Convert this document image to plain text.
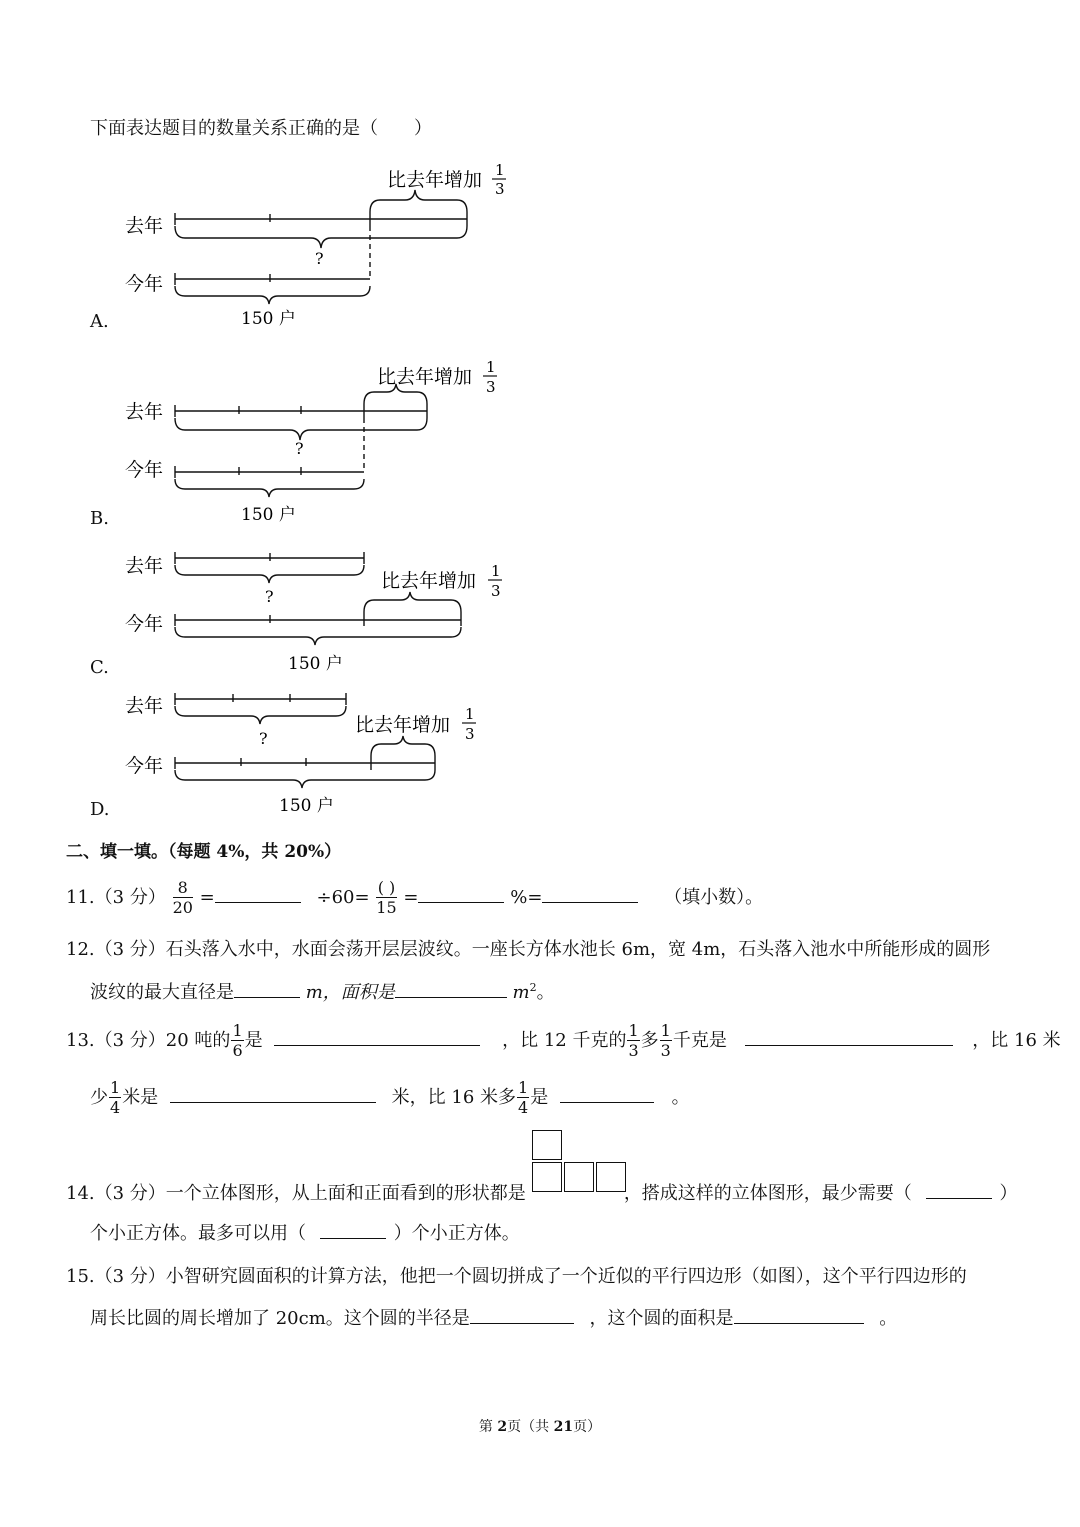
下面表达题目的数量关系正确的是（　　）
去年
今年
?
150 户
比去年增加 1
3
A.
去年
今年
?
150 户
比去年增加 1
3
B.
去年
今年
?
150 户
比去年增加 1
3
C.
去年
今年
?
150 户
比去年增加 1
3
D.
二、填一填。（每题 4%，共 20%）
11.（3 分） $\frac{8}{20}$ =	$\div 60= \frac{( )}{15}$ =	%=	（填小数）。
12.（3 分）石头落入水中，水面会荡开层层波纹。一座长方体水池长 6m，宽 4m，石头落入池水中所能形成的圆形
波纹的最大直径是	m，面积是	$m^2$。
13.（3 分）20 吨的 $\frac{1}{6}$ 是	，比 12 千克的 $\frac{1}{3}$ 多 $\frac{1}{3}$ 千克是	，比 16 米
少 $\frac{1}{4}$ 米是	米，比 16 米多 $\frac{1}{4}$ 是	。
14.（3 分）一个立体图形，从上面和正面看到的形状都是	，搭成这样的立体图形，最少需要（	）
个小正方体。最多可以用（	）个小正方体。
15.（3 分）小智研究圆面积的计算方法，他把一个圆切拼成了一个近似的平行四边形（如图），这个平行四边形的
周长比圆的周长增加了 20cm。这个圆的半径是	，这个圆的面积是	。
第 2页（共 21页）
